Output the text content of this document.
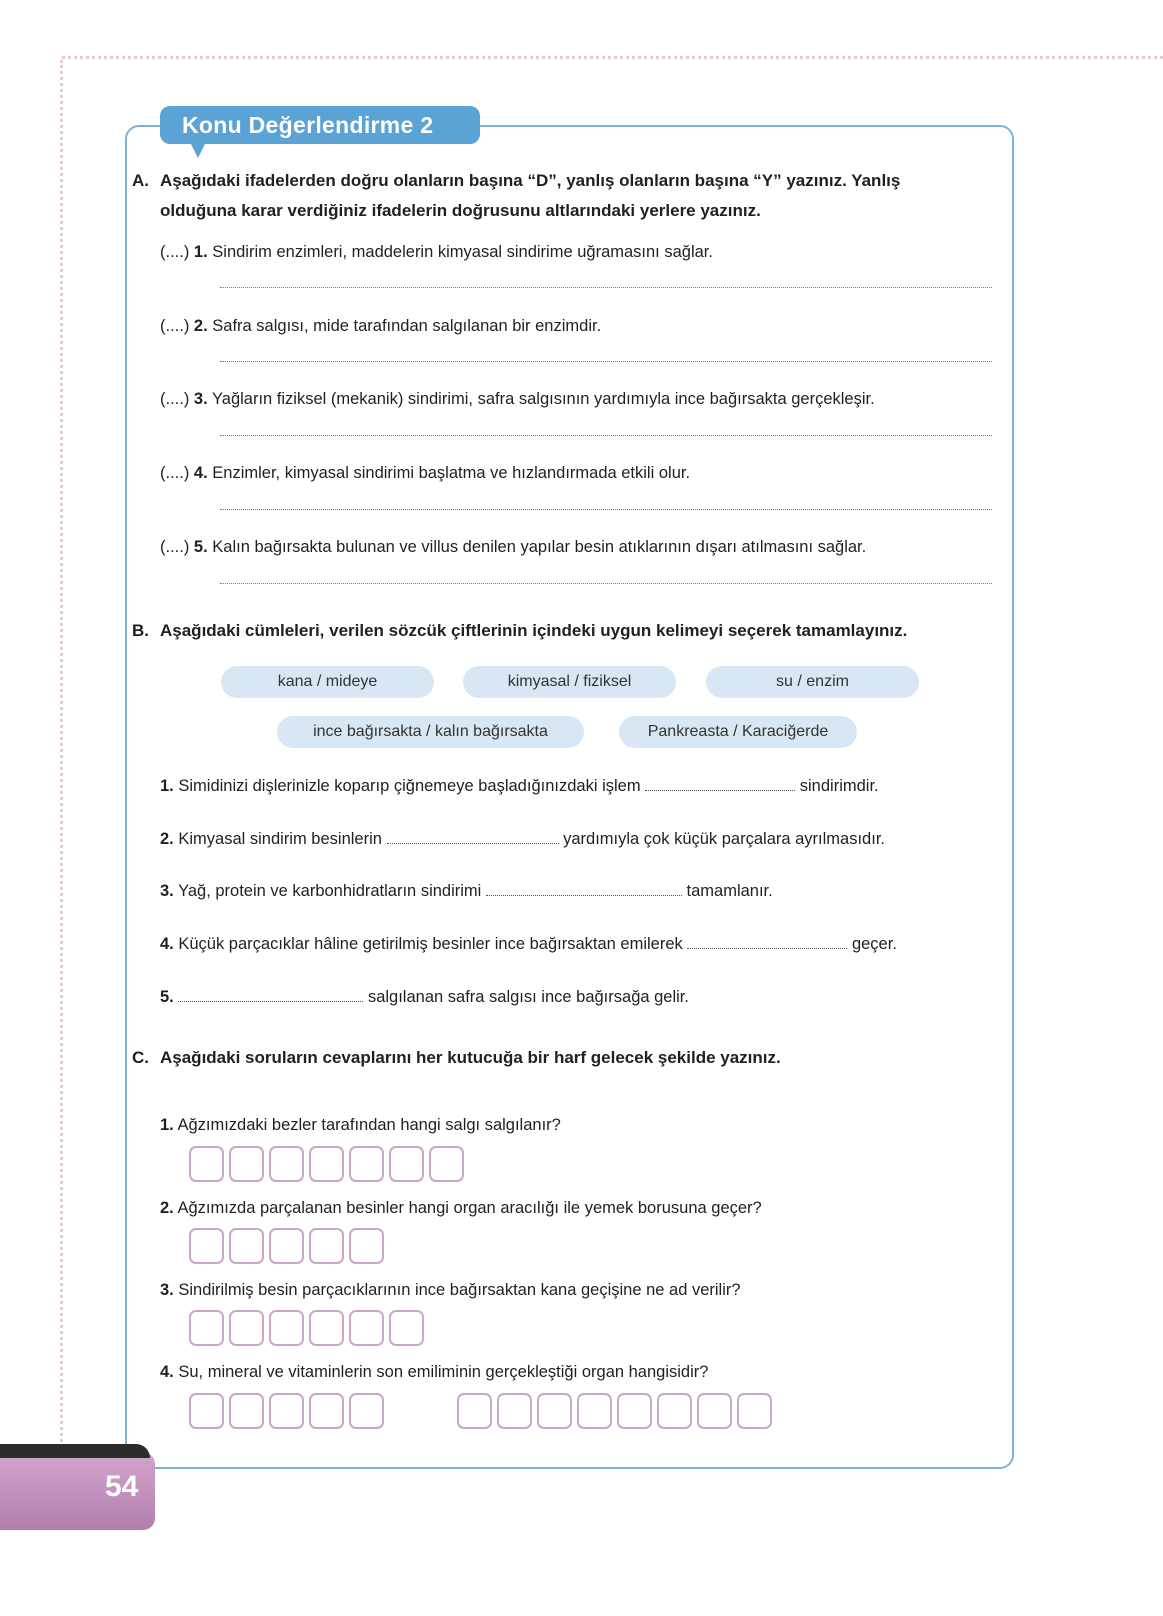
Konu Değerlendirme 2
A. Aşağıdaki ifadelerden doğru olanların başına “D”, yanlış olanların başına “Y” yazınız. Yanlış
olduğuna karar verdiğiniz ifadelerin doğrusunu altlarındaki yerlere yazınız.
(....) 1. Sindirim enzimleri, maddelerin kimyasal sindirime uğramasını sağlar.
(....) 2. Safra salgısı, mide tarafından salgılanan bir enzimdir.
(....) 3. Yağların fiziksel (mekanik) sindirimi, safra salgısının yardımıyla ince bağırsakta gerçekleşir.
(....) 4. Enzimler, kimyasal sindirimi başlatma ve hızlandırmada etkili olur.
(....) 5. Kalın bağırsakta bulunan ve villus denilen yapılar besin atıklarının dışarı atılmasını sağlar.
B. Aşağıdaki cümleleri, verilen sözcük çiftlerinin içindeki uygun kelimeyi seçerek tamamlayınız.
kana / mideye	kimyasal / fiziksel	su / enzim
ince bağırsakta / kalın bağırsakta	Pankreasta / Karaciğerde
1. Simidinizi dişlerinizle koparıp çiğnemeye başladığınızdaki işlem	sindirimdir.
2. Kimyasal sindirim besinlerin	yardımıyla çok küçük parçalara ayrılmasıdır.
3. Yağ, protein ve karbonhidratların sindirimi	tamamlanır.
4. Küçük parçacıklar hâline getirilmiş besinler ince bağırsaktan emilerek	geçer.
5.	salgılanan safra salgısı ince bağırsağa gelir.
C. Aşağıdaki soruların cevaplarını her kutucuğa bir harf gelecek şekilde yazınız.
1. Ağzımızdaki bezler tarafından hangi salgı salgılanır?
2. Ağzımızda parçalanan besinler hangi organ aracılığı ile yemek borusuna geçer?
3. Sindirilmiş besin parçacıklarının ince bağırsaktan kana geçişine ne ad verilir?
4. Su, mineral ve vitaminlerin son emiliminin gerçekleştiği organ hangisidir?
54
